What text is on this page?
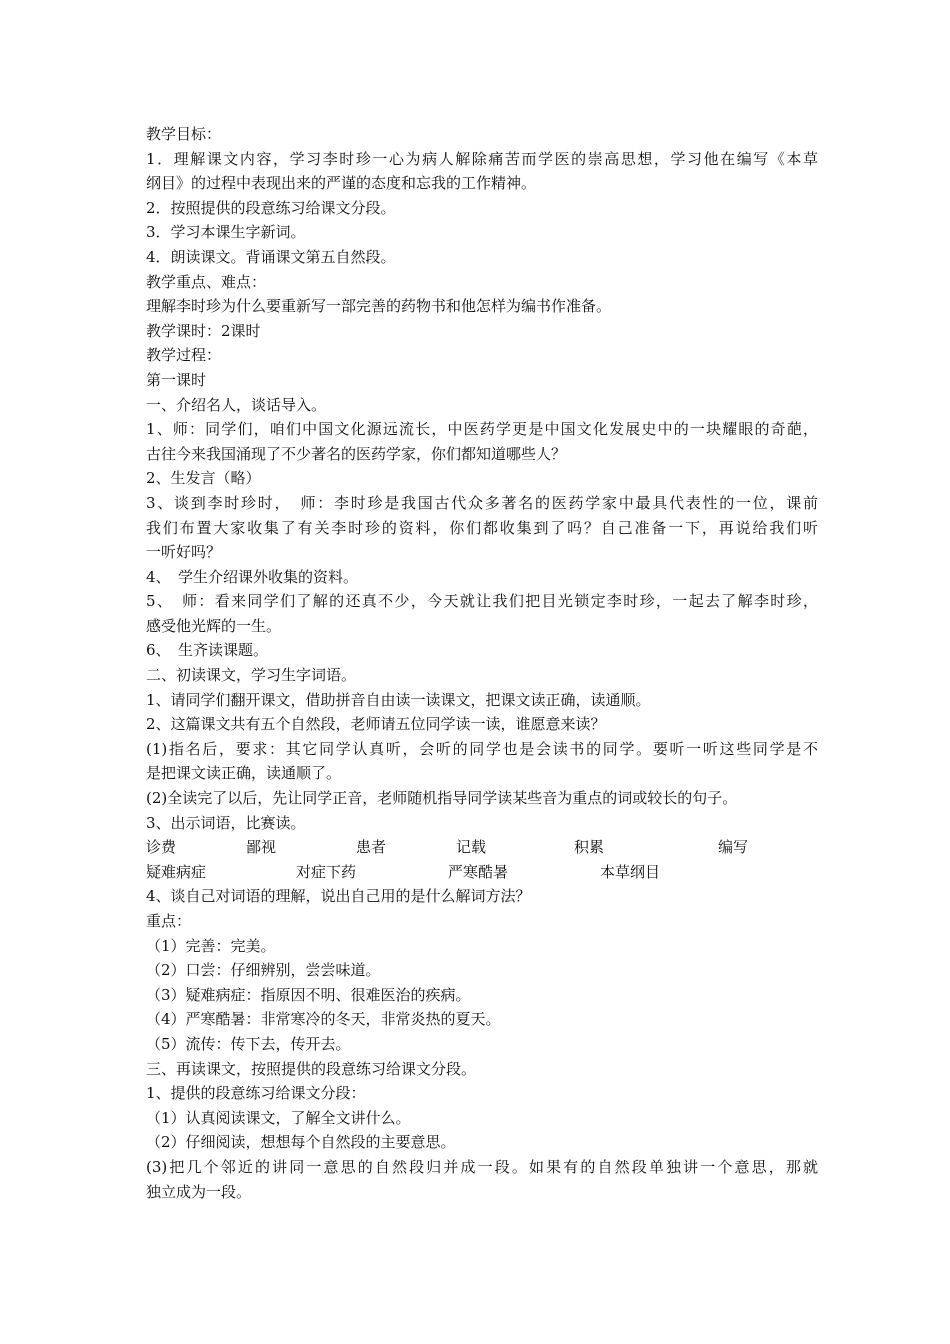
教学目标：

1．理解课文内容，学习李时珍一心为病人解除痛苦而学医的崇高思想，学习他在编写《本草

纲目》的过程中表现出来的严谨的态度和忘我的工作精神。

2．按照提供的段意练习给课文分段。

3．学习本课生字新词。

4．朗读课文。背诵课文第五自然段。

教学重点、难点：

理解李时珍为什么要重新写一部完善的药物书和他怎样为编书作准备。

教学课时：2课时

教学过程：

第一课时

一、介绍名人，谈话导入。

1、师：同学们，咱们中国文化源远流长，中医药学更是中国文化发展史中的一块耀眼的奇葩，

古往今来我国涌现了不少著名的医药学家，你们都知道哪些人？

2、生发言（略）

3、谈到李时珍时，　师：李时珍是我国古代众多著名的医药学家中最具代表性的一位，课前

我们布置大家收集了有关李时珍的资料，你们都收集到了吗？自己准备一下，再说给我们听

一听好吗？

4、　学生介绍课外收集的资料。

5、　师：看来同学们了解的还真不少，今天就让我们把目光锁定李时珍，一起去了解李时珍，

感受他光辉的一生。

6、　生齐读课题。

二、初读课文，学习生字词语。

1、请同学们翻开课文，借助拼音自由读一读课文，把课文读正确，读通顺。

2、这篇课文共有五个自然段，老师请五位同学读一读，谁愿意来读？

(1)指名后，要求：其它同学认真听，会听的同学也是会读书的同学。要听一听这些同学是不

是把课文读正确，读通顺了。

(2)全读完了以后，先让同学正音，老师随机指导同学读某些音为重点的词或较长的句子。

3、出示词语，比赛读。

诊费	鄙视	患者	记载	积累	编写
疑难病症	对症下药	严寒酷暑	本草纲目

4、谈自己对词语的理解，说出自己用的是什么解词方法？

重点：

（1）完善：完美。

（2）口尝：仔细辨别，尝尝味道。

（3）疑难病症：指原因不明、很难医治的疾病。

（4）严寒酷暑：非常寒冷的冬天，非常炎热的夏天。

（5）流传：传下去，传开去。

三、再读课文，按照提供的段意练习给课文分段。

1、提供的段意练习给课文分段：

（1）认真阅读课文，了解全文讲什么。

（2）仔细阅读，想想每个自然段的主要意思。

(3)把几个邻近的讲同一意思的自然段归并成一段。如果有的自然段单独讲一个意思，那就

独立成为一段。
